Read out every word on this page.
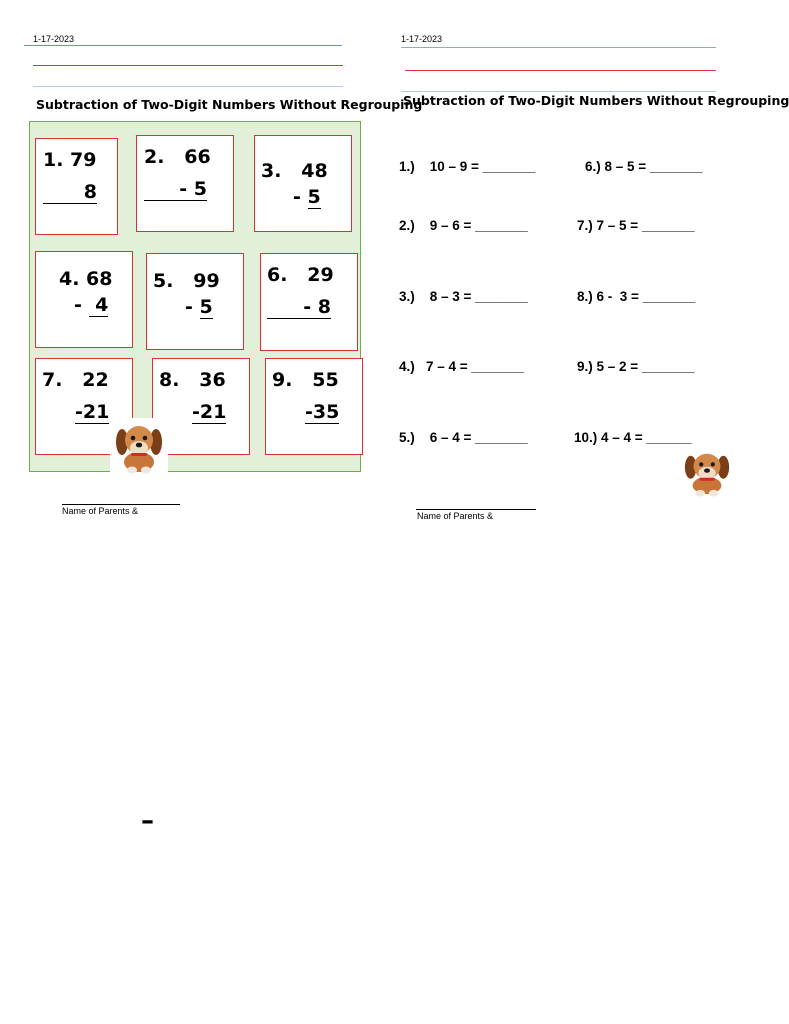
1-17-2023
Subtraction of Two-Digit Numbers Without Regrouping
1. 79
8
2.   66
- 5
3.   48
- 5
4. 68
-  4
5.   99
- 5
6.   29
- 8
7.   22
-21
8.   36
-21
9.   55
-35
Name of Parents &
1-17-2023
Subtraction of Two-Digit Numbers Without Regrouping
1.)    10 – 9 = _______
2.)    9 – 6 = _______
3.)    8 – 3 = _______
4.)   7 – 4 = _______
5.)    6 – 4 = _______
6.) 8 – 5 = _______
7.) 7 – 5 = _______
8.) 6 -  3 = _______
9.) 5 – 2 = _______
10.) 4 – 4 = ______
Name of Parents &
–
